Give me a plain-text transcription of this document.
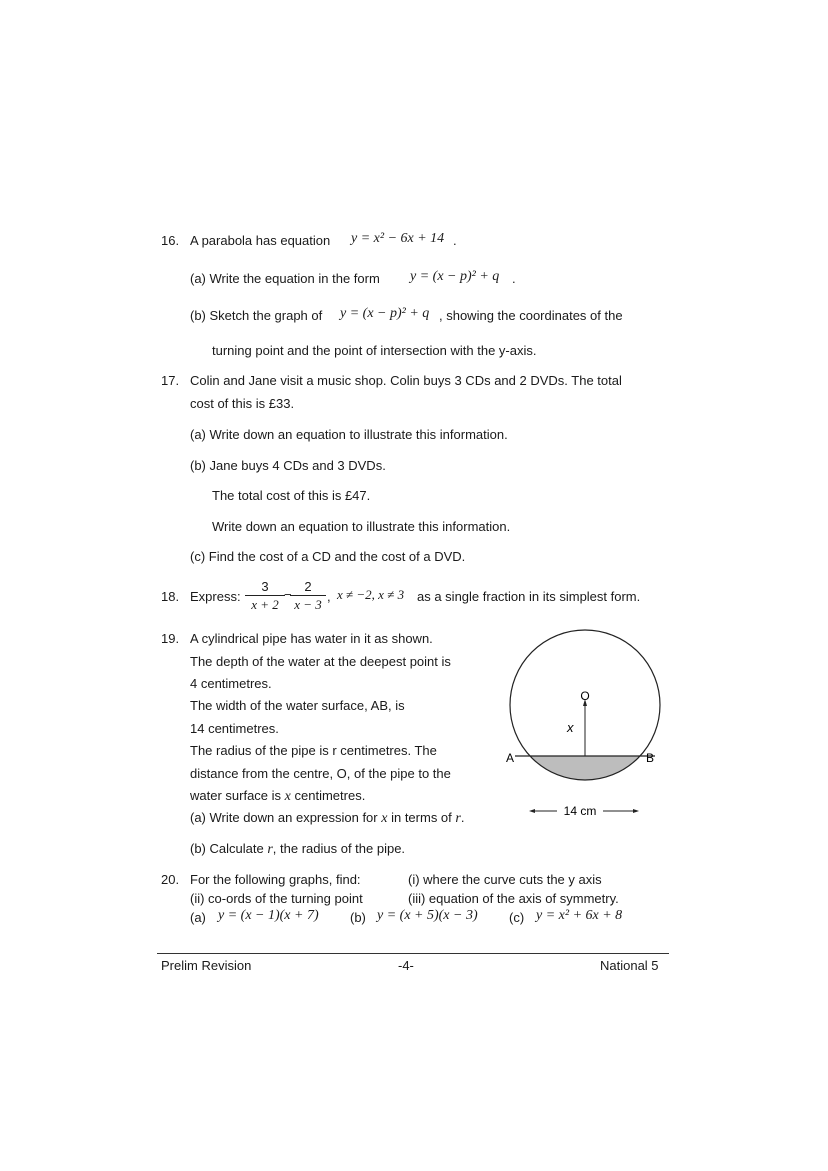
16. A parabola has equation y = x² − 6x + 14 .
(a) Write the equation in the form y = (x − p)² + q .
(b) Sketch the graph of y = (x − p)² + q , showing the coordinates of the
turning point and the point of intersection with the y-axis.
17. Colin and Jane visit a music shop. Colin buys 3 CDs and 2 DVDs. The total
cost of this is £33.
(a) Write down an equation to illustrate this information.
(b) Jane buys 4 CDs and 3 DVDs.
The total cost of this is £47.
Write down an equation to illustrate this information.
(c) Find the cost of a CD and the cost of a DVD.
18. Express:
3
x + 2
−
2
x − 3
, x ≠ −2, x ≠ 3 as a single fraction in its simplest form.
19. A cylindrical pipe has water in it as shown.
The depth of the water at the deepest point is
4 centimetres.
The width of the water surface, AB, is
14 centimetres.
The radius of the pipe is r centimetres. The
distance from the centre, O, of the pipe to the
water surface is x centimetres.
(a) Write down an expression for x in terms of r.
(b) Calculate r, the radius of the pipe.
O
x
A	B
14 cm
20. For the following graphs, find:	(i) where the curve cuts the y axis
(ii) co-ords of the turning point	(iii) equation of the axis of symmetry.
(a) y = (x − 1)(x + 7) (b) y = (x + 5)(x − 3) (c) y = x² + 6x + 8
Prelim Revision	-4-	National 5
